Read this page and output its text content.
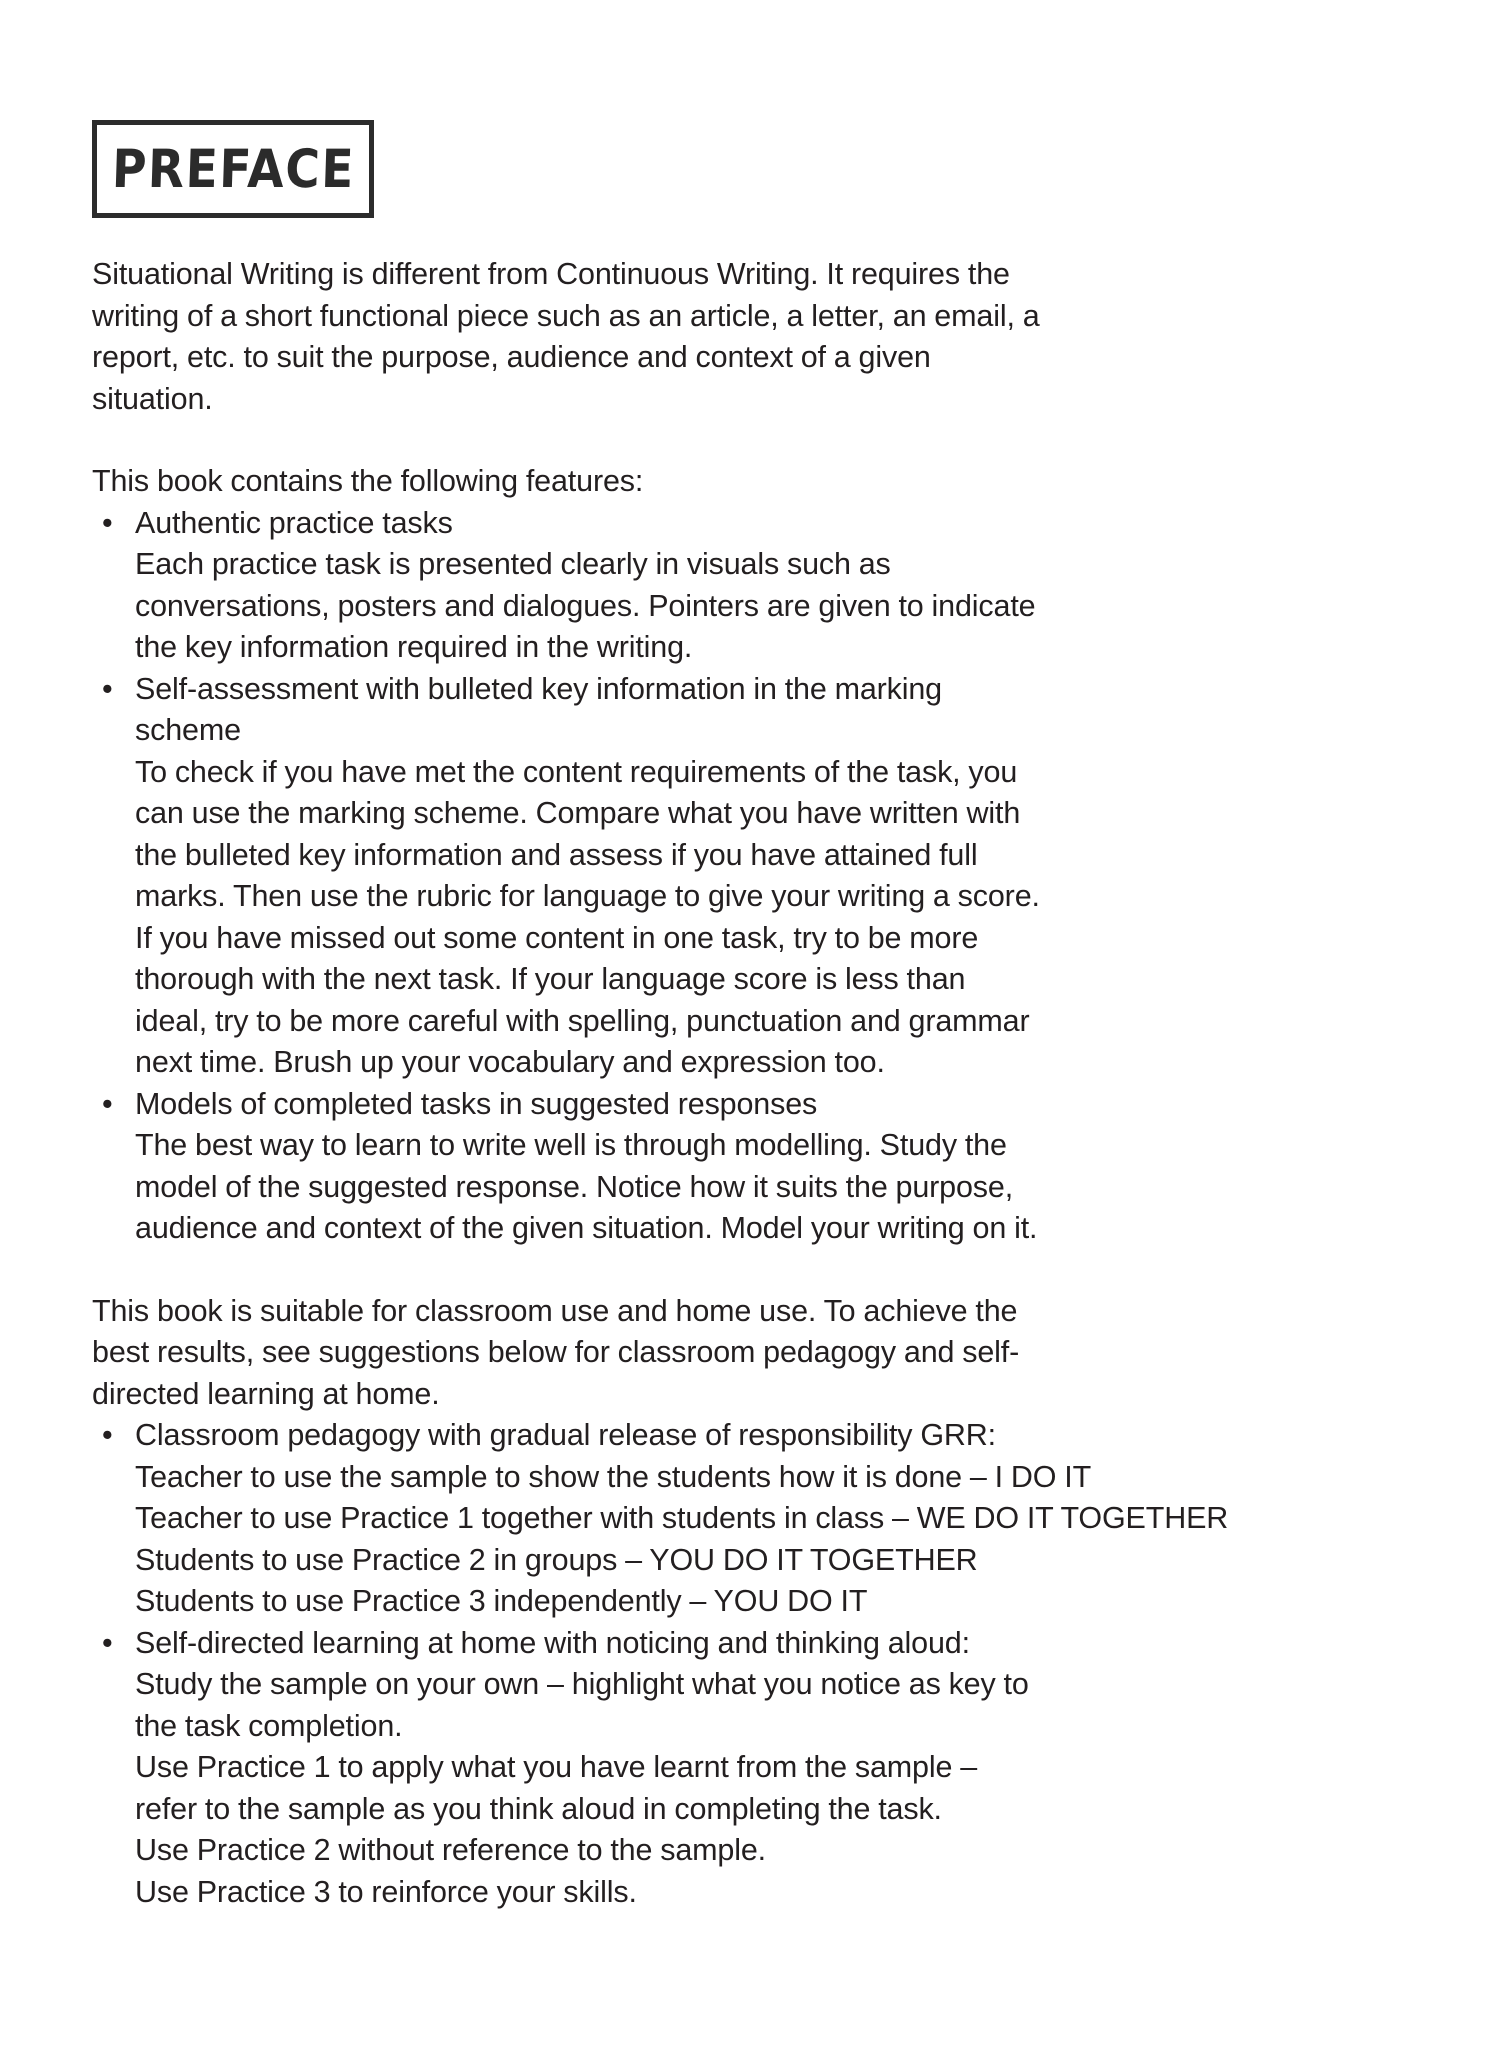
PREFACE

Situational Writing is different from Continuous Writing. It requires the writing of a short functional piece such as an article, a letter, an email, a report, etc. to suit the purpose, audience and context of a given situation.

This book contains the following features:

• Authentic practice tasks

Each practice task is presented clearly in visuals such as conversations, posters and dialogues. Pointers are given to indicate the key information required in the writing.

• Self-assessment with bulleted key information in the marking scheme

To check if you have met the content requirements of the task, you can use the marking scheme. Compare what you have written with the bulleted key information and assess if you have attained full marks. Then use the rubric for language to give your writing a score. If you have missed out some content in one task, try to be more thorough with the next task. If your language score is less than ideal, try to be more careful with spelling, punctuation and grammar next time. Brush up your vocabulary and expression too.

• Models of completed tasks in suggested responses

The best way to learn to write well is through modelling. Study the model of the suggested response. Notice how it suits the purpose, audience and context of the given situation. Model your writing on it.

This book is suitable for classroom use and home use. To achieve the best results, see suggestions below for classroom pedagogy and self-directed learning at home.

• Classroom pedagogy with gradual release of responsibility GRR:

Teacher to use the sample to show the students how it is done – I DO IT

Teacher to use Practice 1 together with students in class – WE DO IT TOGETHER

Students to use Practice 2 in groups – YOU DO IT TOGETHER

Students to use Practice 3 independently – YOU DO IT

• Self-directed learning at home with noticing and thinking aloud:

Study the sample on your own – highlight what you notice as key to the task completion.

Use Practice 1 to apply what you have learnt from the sample – refer to the sample as you think aloud in completing the task.

Use Practice 2 without reference to the sample.

Use Practice 3 to reinforce your skills.
